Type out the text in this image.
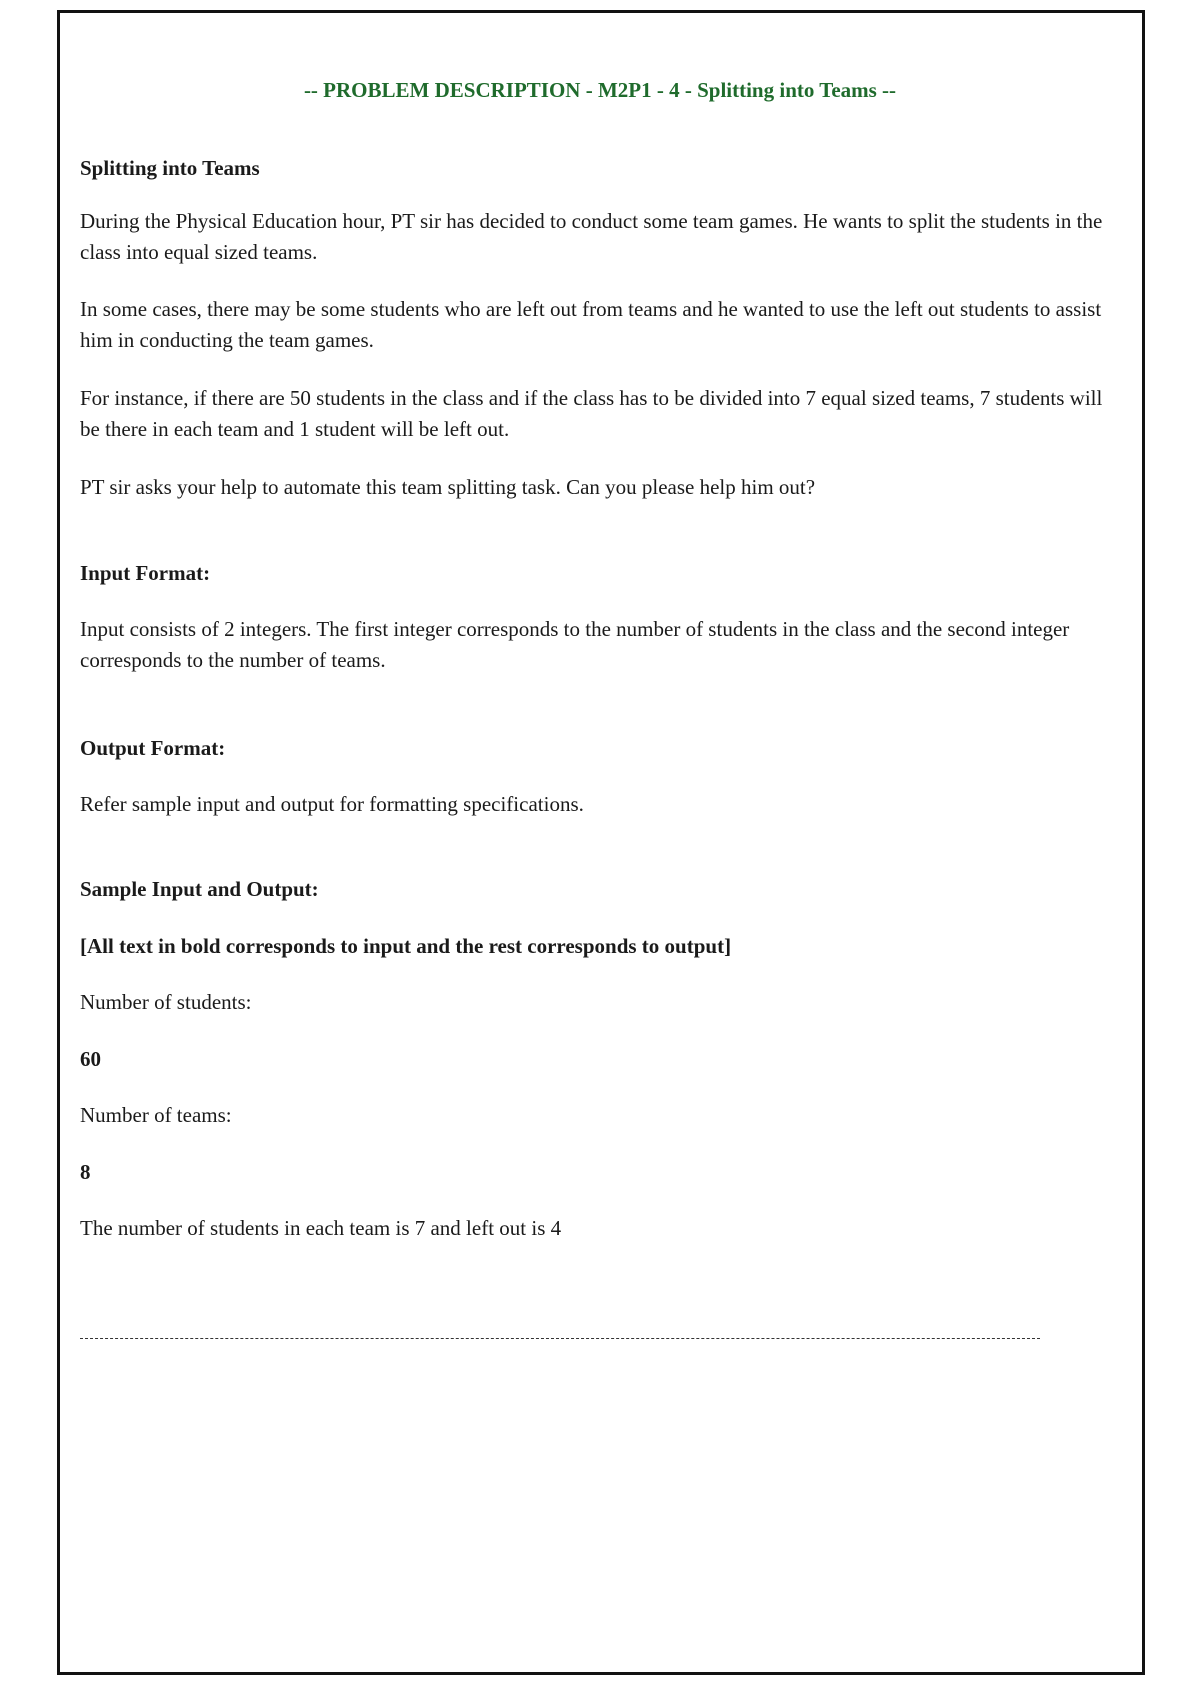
-- PROBLEM DESCRIPTION - M2P1 - 4 - Splitting into Teams --
Splitting into Teams

During the Physical Education hour, PT sir has decided to conduct some team games. He wants to split the students in the class into equal sized teams.

In some cases, there may be some students who are left out from teams and he wanted to use the left out students to assist him in conducting the team games.

For instance, if there are 50 students in the class and if the class has to be divided into 7 equal sized teams, 7 students will be there in each team and 1 student will be left out.

PT sir asks your help to automate this team splitting task. Can you please help him out?

Input Format:

Input consists of 2 integers. The first integer corresponds to the number of students in the class and the second integer corresponds to the number of teams.

Output Format:

Refer sample input and output for formatting specifications.

Sample Input and Output:
[All text in bold corresponds to input and the rest corresponds to output]
Number of students:
60
Number of teams:
8
The number of students in each team is 7 and left out is 4
